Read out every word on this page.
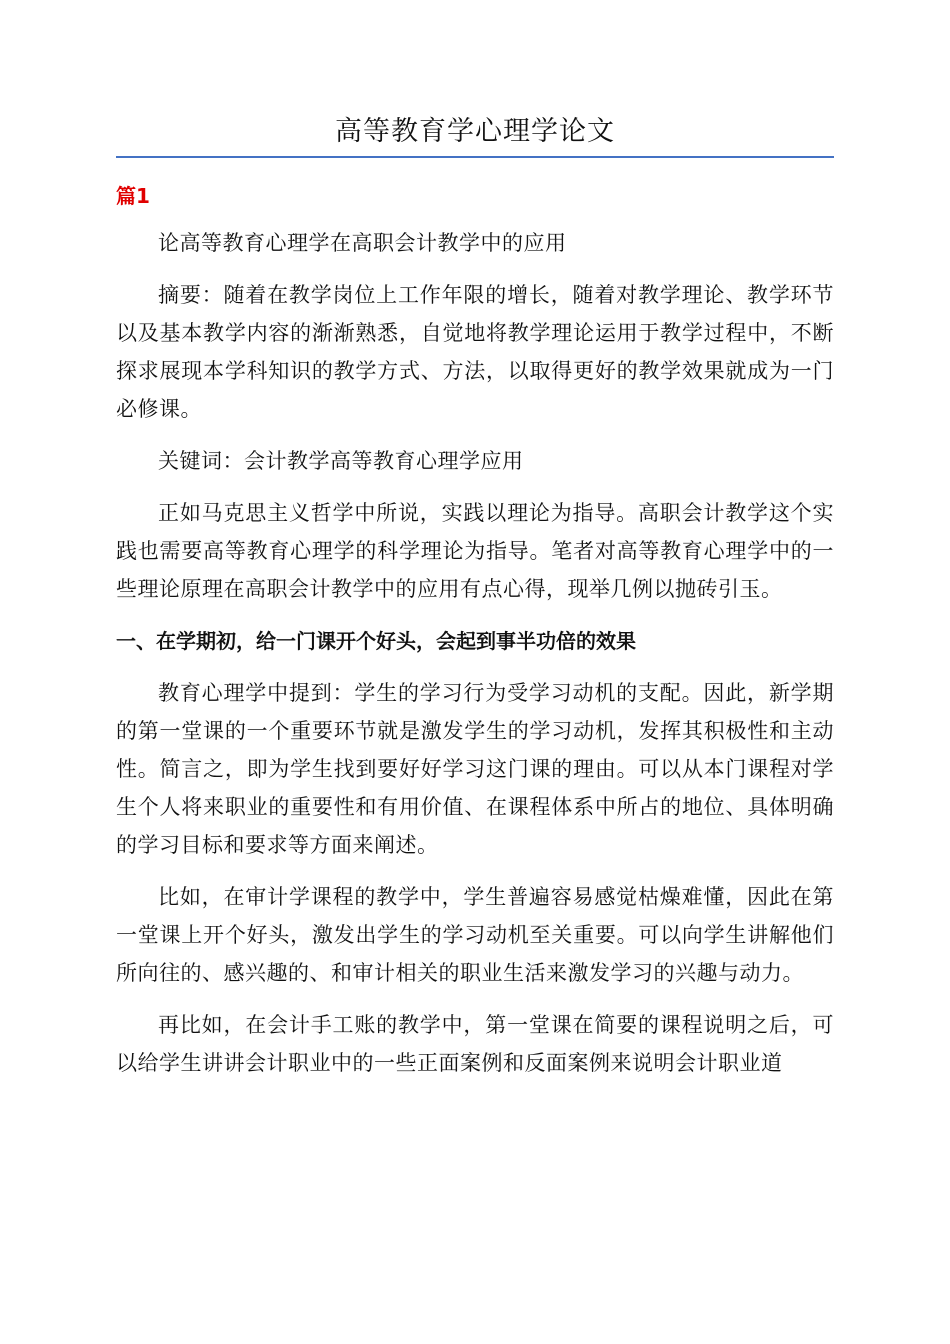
高等教育学心理学论文
篇1

论高等教育心理学在高职会计教学中的应用

摘要：随着在教学岗位上工作年限的增长，随着对教学理论、教学环节以及基本教学内容的渐渐熟悉，自觉地将教学理论运用于教学过程中，不断探求展现本学科知识的教学方式、方法，以取得更好的教学效果就成为一门必修课。

关键词：会计教学高等教育心理学应用

正如马克思主义哲学中所说，实践以理论为指导。高职会计教学这个实践也需要高等教育心理学的科学理论为指导。笔者对高等教育心理学中的一些理论原理在高职会计教学中的应用有点心得，现举几例以抛砖引玉。

一、在学期初，给一门课开个好头，会起到事半功倍的效果

教育心理学中提到：学生的学习行为受学习动机的支配。因此，新学期的第一堂课的一个重要环节就是激发学生的学习动机，发挥其积极性和主动性。简言之，即为学生找到要好好学习这门课的理由。可以从本门课程对学生个人将来职业的重要性和有用价值、在课程体系中所占的地位、具体明确的学习目标和要求等方面来阐述。

比如，在审计学课程的教学中，学生普遍容易感觉枯燥难懂，因此在第一堂课上开个好头，激发出学生的学习动机至关重要。可以向学生讲解他们所向往的、感兴趣的、和审计相关的职业生活来激发学习的兴趣与动力。

再比如，在会计手工账的教学中，第一堂课在简要的课程说明之后，可以给学生讲讲会计职业中的一些正面案例和反面案例来说明会计职业道
